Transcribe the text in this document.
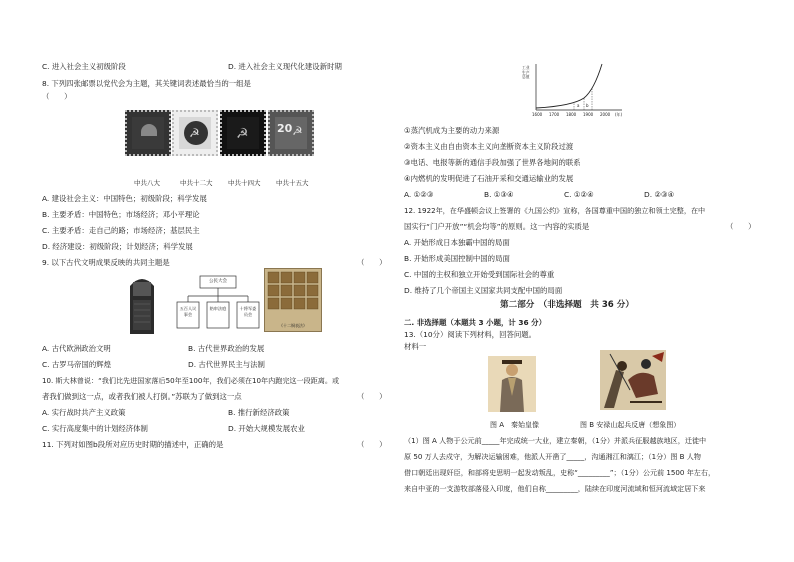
C. 进入社会主义初级阶段	D. 进入社会主义现代化建设新时期
8. 下列四张邮票以党代会为主题，其关键词表述最恰当的一组是
（　　）
☭	☭	20 ☭
中共八大	中共十二大 中共十四大 中共十五大
A. 建设社会主义：中国特色；初级阶段；科学发展
B. 主要矛盾：中国特色；市场经济；邓小平理论
C. 主要矛盾：走自己的路；市场经济；基层民主
D. 经济建设：初级阶段；计划经济；科学发展
9. 以下古代文明成果反映的共同主题是	（　　）
公民大会
五百人议事会
陪审法庭	十将军委员会
《十二铜表法》
A. 古代欧洲政治文明	B. 古代世界政治的发展
C. 古罗马帝国的辉煌	D. 古代世界民主与法制
10. 斯大林曾说：“我们比先进国家落后50年至100年，我们必须在10年内跑完这一段距离。或
者我们做到这一点，或者我们被人打倒。”苏联为了做到这一点	（　　）
A. 实行战时共产主义政策	B. 推行新经济政策
C. 实行高度集中的计划经济体制	D. 开始大规模发展农业
11. 下列对如图b段所对应历史时期的描述中，正确的是	（　　）
工业生产总值
a b
1600 1700 1800 1900 2000 (年)
①蒸汽机成为主要的动力来源
②资本主义由自由资本主义向垄断资本主义阶段过渡
③电话、电报等新的通信手段加强了世界各地间的联系
④内燃机的发明促进了石油开采和交通运输业的发展
A. ①②③	B. ①③④	C. ①②④	D. ②③④
12. 1922年，在华盛顿会议上签署的《九国公约》宣称，各国尊重中国的独立和领土完整，在中
国实行“门户开放”“机会均等”的原则。这一内容的实质是	（　　）
A. 开始形成日本独霸中国的局面
B. 开始形成美国控制中国的局面
C. 中国的主权和独立开始受到国际社会的尊重
D. 维持了几个帝国主义国家共同支配中国的局面
第二部分　（非选择题　共 36 分）
二. 非选择题（本题共 3 小题，计 36 分）
13.（10分）阅读下列材料，回答问题。
材料一
图 A　秦始皇像	图 B 安禄山起兵反唐（想象图）
（1）图 A 人物于公元前_____年完成统一大业，建立秦朝，（1分）并派兵征服越族地区，迁徙中
原 50 万人去戍守，为解决运输困难，他派人开凿了_____，沟通湘江和漓江；（1分）图 B 人物
借口朝廷出现奸臣，和部将史思明一起发动叛乱，史称“_________”；（1分）公元前 1500 年左右，
来自中亚的一支游牧部落侵入印度，他们自称_________，陆续在印度河流域和恒河流域定居下来
